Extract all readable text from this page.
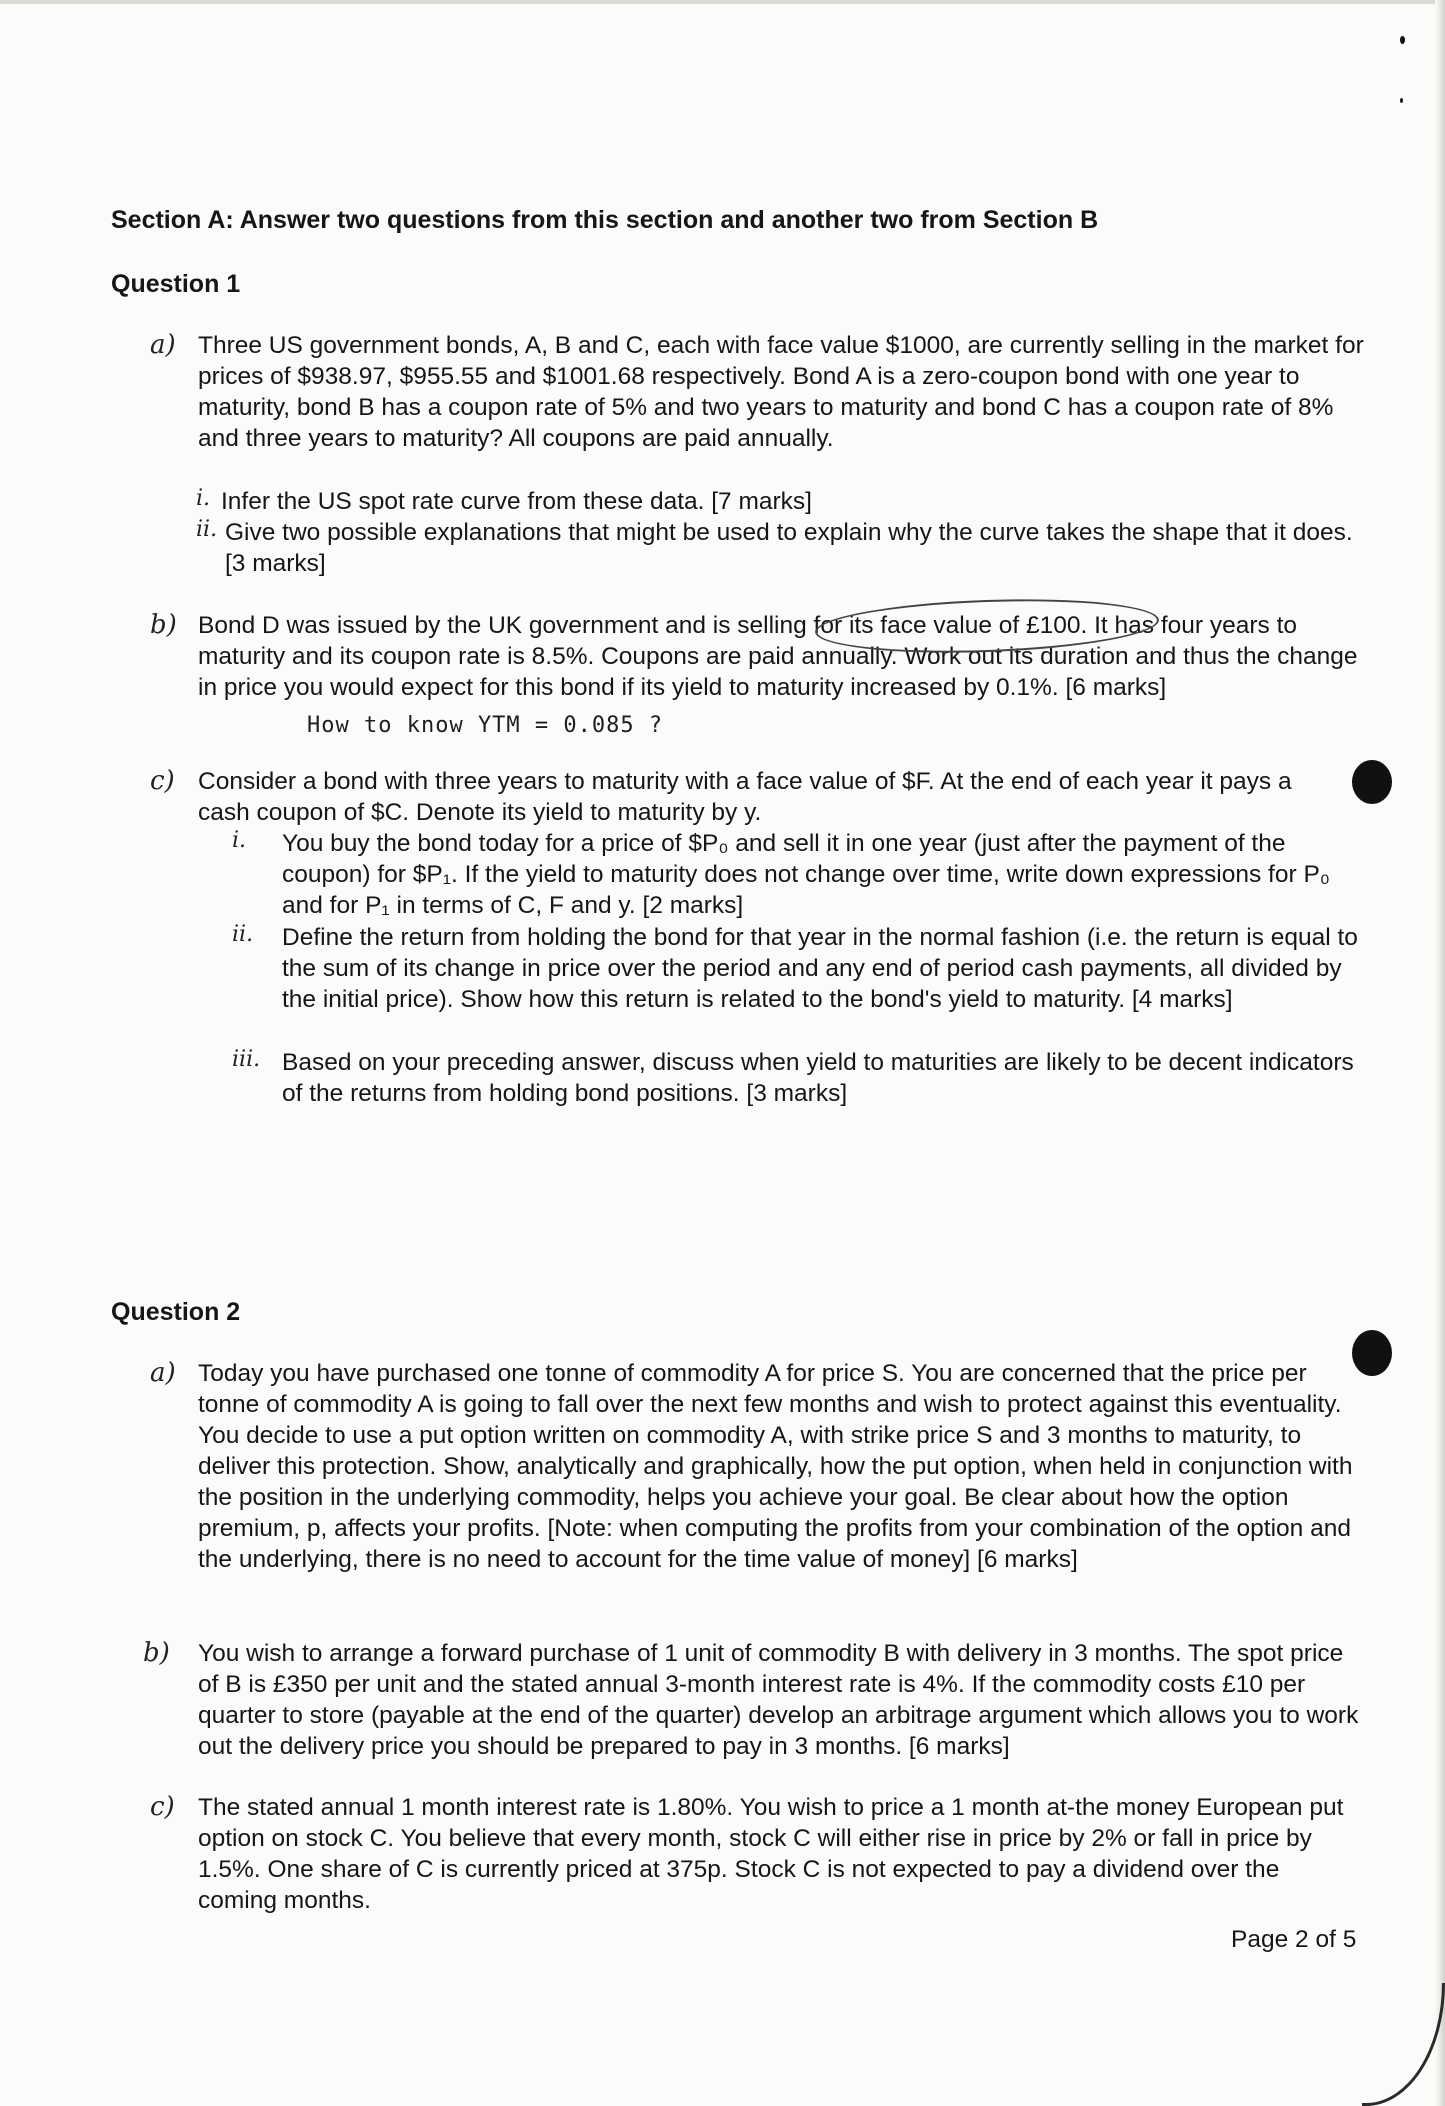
Section A: Answer two questions from this section and another two from Section B
Question 1
a) Three US government bonds, A, B and C, each with face value $1000, are currently selling in the market for prices of $938.97, $955.55 and $1001.68 respectively. Bond A is a zero-coupon bond with one year to maturity, bond B has a coupon rate of 5% and two years to maturity and bond C has a coupon rate of 8% and three years to maturity? All coupons are paid annually.
i. Infer the US spot rate curve from these data. [7 marks]
ii. Give two possible explanations that might be used to explain why the curve takes the shape that it does. [3 marks]
b) Bond D was issued by the UK government and is selling for its face value of £100. It has four years to maturity and its coupon rate is 8.5%. Coupons are paid annually. Work out its duration and thus the change in price you would expect for this bond if its yield to maturity increased by 0.1%. [6 marks]
How to know YTM = 0.085 ?
c) Consider a bond with three years to maturity with a face value of $F. At the end of each year it pays a cash coupon of $C. Denote its yield to maturity by y.
i. You buy the bond today for a price of $P₀ and sell it in one year (just after the payment of the coupon) for $P₁. If the yield to maturity does not change over time, write down expressions for P₀ and for P₁ in terms of C, F and y. [2 marks]
ii. Define the return from holding the bond for that year in the normal fashion (i.e. the return is equal to the sum of its change in price over the period and any end of period cash payments, all divided by the initial price). Show how this return is related to the bond's yield to maturity. [4 marks]
iii. Based on your preceding answer, discuss when yield to maturities are likely to be decent indicators of the returns from holding bond positions. [3 marks]
Question 2
a) Today you have purchased one tonne of commodity A for price S. You are concerned that the price per tonne of commodity A is going to fall over the next few months and wish to protect against this eventuality. You decide to use a put option written on commodity A, with strike price S and 3 months to maturity, to deliver this protection. Show, analytically and graphically, how the put option, when held in conjunction with the position in the underlying commodity, helps you achieve your goal. Be clear about how the option premium, p, affects your profits. [Note: when computing the profits from your combination of the option and the underlying, there is no need to account for the time value of money] [6 marks]
b) You wish to arrange a forward purchase of 1 unit of commodity B with delivery in 3 months. The spot price of B is £350 per unit and the stated annual 3-month interest rate is 4%. If the commodity costs £10 per quarter to store (payable at the end of the quarter) develop an arbitrage argument which allows you to work out the delivery price you should be prepared to pay in 3 months. [6 marks]
c) The stated annual 1 month interest rate is 1.80%. You wish to price a 1 month at-the money European put option on stock C. You believe that every month, stock C will either rise in price by 2% or fall in price by 1.5%. One share of C is currently priced at 375p. Stock C is not expected to pay a dividend over the coming months.
Page 2 of 5
